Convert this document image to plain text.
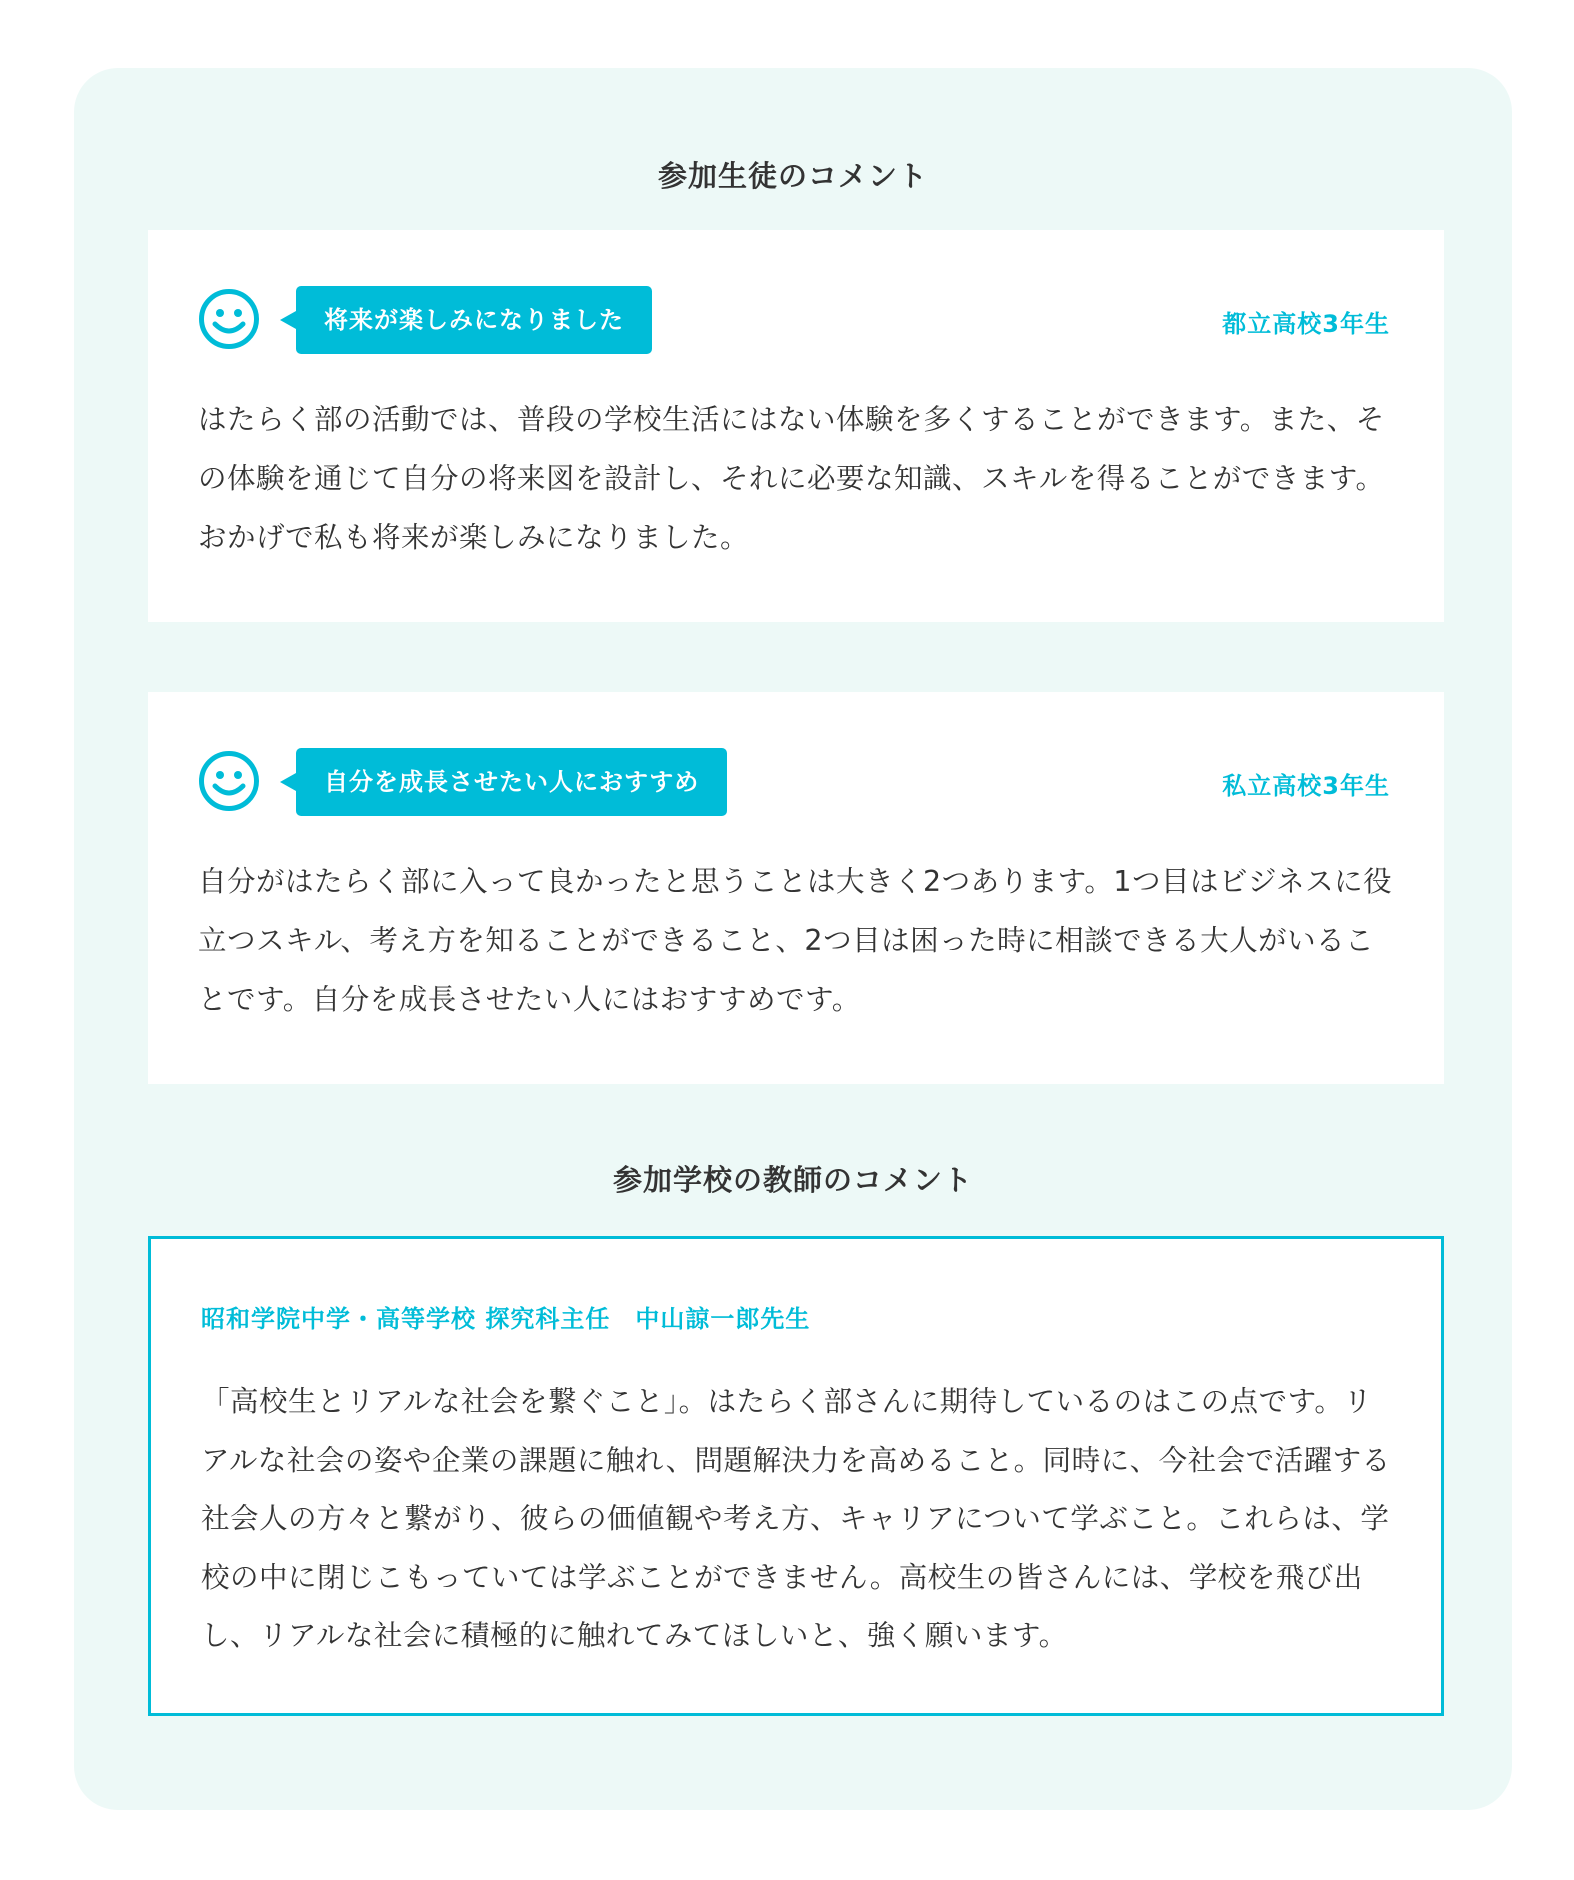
参加生徒のコメント
将来が楽しみになりました	都立高校3年生
はたらく部の活動では、普段の学校生活にはない体験を多くすることができます。また、その体験を通じて自分の将来図を設計し、それに必要な知識、スキルを得ることができます。おかげで私も将来が楽しみになりました。
自分を成長させたい人におすすめ	私立高校3年生
自分がはたらく部に入って良かったと思うことは大きく2つあります。1つ目はビジネスに役立つスキル、考え方を知ることができること、2つ目は困った時に相談できる大人がいることです。自分を成長させたい人にはおすすめです。
参加学校の教師のコメント
昭和学院中学・高等学校 探究科主任　中山諒一郎先生
「高校生とリアルな社会を繋ぐこと」。はたらく部さんに期待しているのはこの点です。リアルな社会の姿や企業の課題に触れ、問題解決力を高めること。同時に、今社会で活躍する社会人の方々と繋がり、彼らの価値観や考え方、キャリアについて学ぶこと。これらは、学校の中に閉じこもっていては学ぶことができません。高校生の皆さんには、学校を飛び出し、リアルな社会に積極的に触れてみてほしいと、強く願います。
